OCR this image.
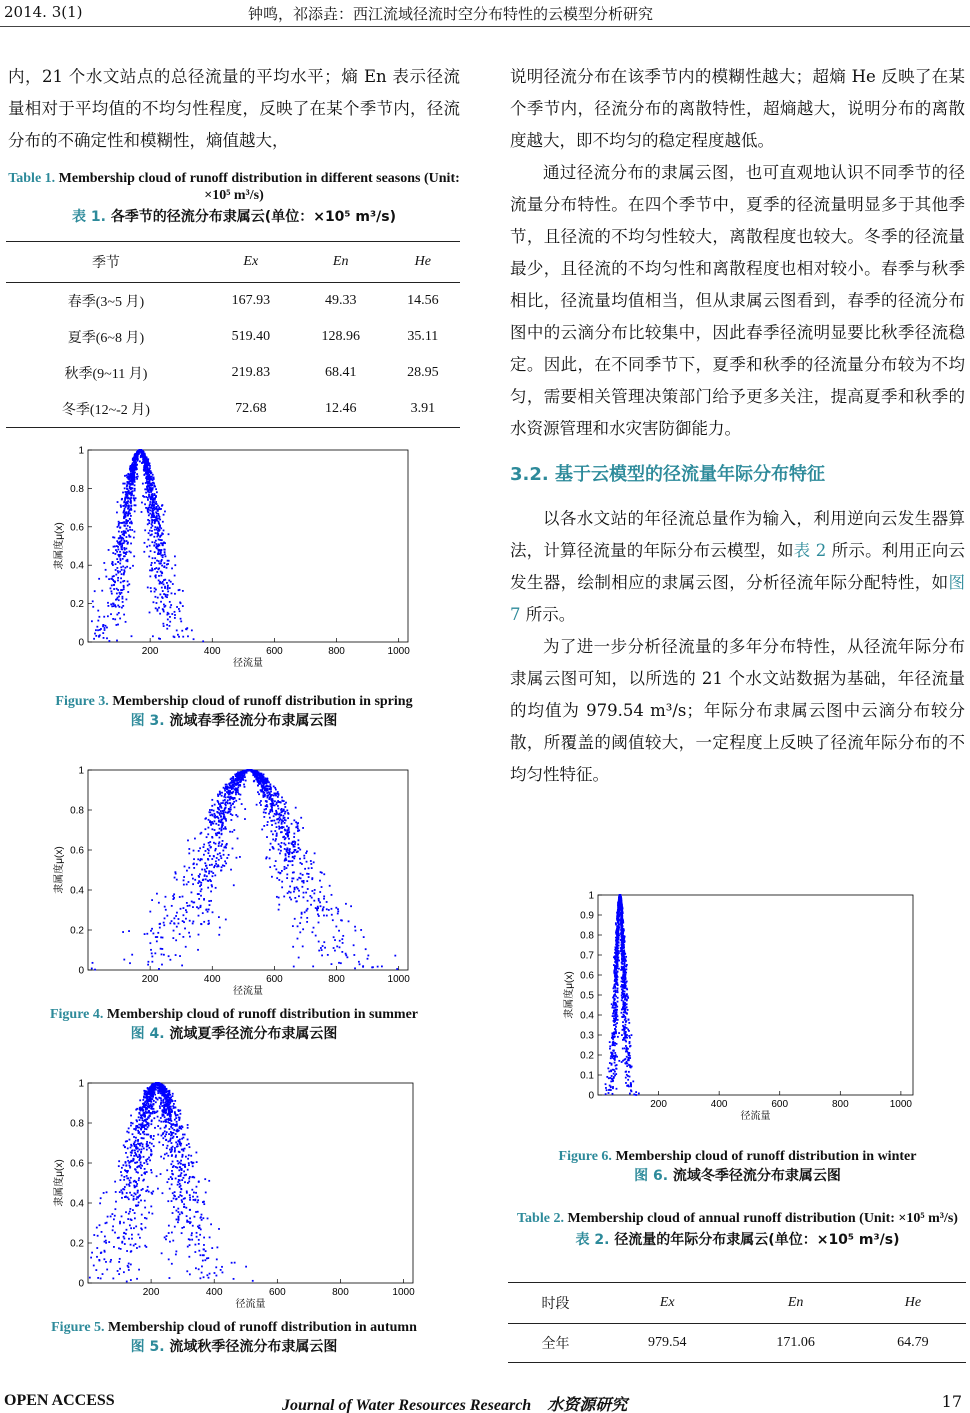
2014. 3(1)	钟鸣，祁添垚：西江流域径流时空分布特性的云模型分析研究
内，21 个水文站点的总径流量的平均水平；熵 En 表示径流量相对于平均值的不均匀性程度，反映了在某个季节内，径流分布的不确定性和模糊性，熵值越大，
Table 1. Membership cloud of runoff distribution in different seasons (Unit: ×10⁵ m³/s)
表 1. 各季节的径流分布隶属云(单位：×10⁵ m³/s)
季节	Ex	En	He
春季(3~5 月)	167.93	49.33	14.56
夏季(6~8 月)	519.40	128.96	35.11
秋季(9~11 月)	219.83	68.41	28.95
冬季(12~-2 月)	72.68	12.46	3.91
200	400	600	800	1000
0
0.2
0.4
0.6
0.8
1
径流量
隶属度μ(x)
200	400	600	800	1000
0
0.2
0.4
0.6
0.8
1
径流量
隶属度μ(x)
200	400	600	800	1000
0
0.2
0.4
0.6
0.8
1
径流量
隶属度μ(x)
200	400	600	800	1000
0
0.1
0.2
0.3
0.4
0.5
0.6
0.7
0.8
0.9
1
径流量
隶属度μ(x)
Figure 3. Membership cloud of runoff distribution in spring
图 3. 流域春季径流分布隶属云图
Figure 4. Membership cloud of runoff distribution in summer
图 4. 流域夏季径流分布隶属云图
Figure 5. Membership cloud of runoff distribution in autumn
图 5. 流域秋季径流分布隶属云图
说明径流分布在该季节内的模糊性越大；超熵 He 反映了在某个季节内，径流分布的离散特性，超熵越大，说明分布的离散度越大，即不均匀的稳定程度越低。
通过径流分布的隶属云图，也可直观地认识不同季节的径流量分布特性。在四个季节中，夏季的径流量明显多于其他季节，且径流的不均匀性较大，离散程度也较大。冬季的径流量最少，且径流的不均匀性和离散程度也相对较小。春季与秋季相比，径流量均值相当，但从隶属云图看到，春季的径流分布图中的云滴分布比较集中，因此春季径流明显要比秋季径流稳定。因此，在不同季节下，夏季和秋季的径流量分布较为不均匀，需要相关管理决策部门给予更多关注，提高夏季和秋季的水资源管理和水灾害防御能力。
3.2. 基于云模型的径流量年际分布特征
以各水文站的年径流总量作为输入，利用逆向云发生器算法，计算径流量的年际分布云模型，如表 2 所示。利用正向云发生器，绘制相应的隶属云图，分析径流年际分配特性，如图 7 所示。
为了进一步分析径流量的多年分布特性，从径流年际分布隶属云图可知，以所选的 21 个水文站数据为基础，年径流量的均值为 979.54 m³/s；年际分布隶属云图中云滴分布较分散，所覆盖的阈值较大，一定程度上反映了径流年际分布的不均匀性特征。
Figure 6. Membership cloud of runoff distribution in winter
图 6. 流域冬季径流分布隶属云图
Table 2. Membership cloud of annual runoff distribution (Unit: ×10⁵ m³/s)
表 2. 径流量的年际分布隶属云(单位：×10⁵ m³/s)
时段	Ex	En	He
全年	979.54	171.06	64.79
OPEN ACCESS	Journal of Water Resources Research　水资源研究	17
